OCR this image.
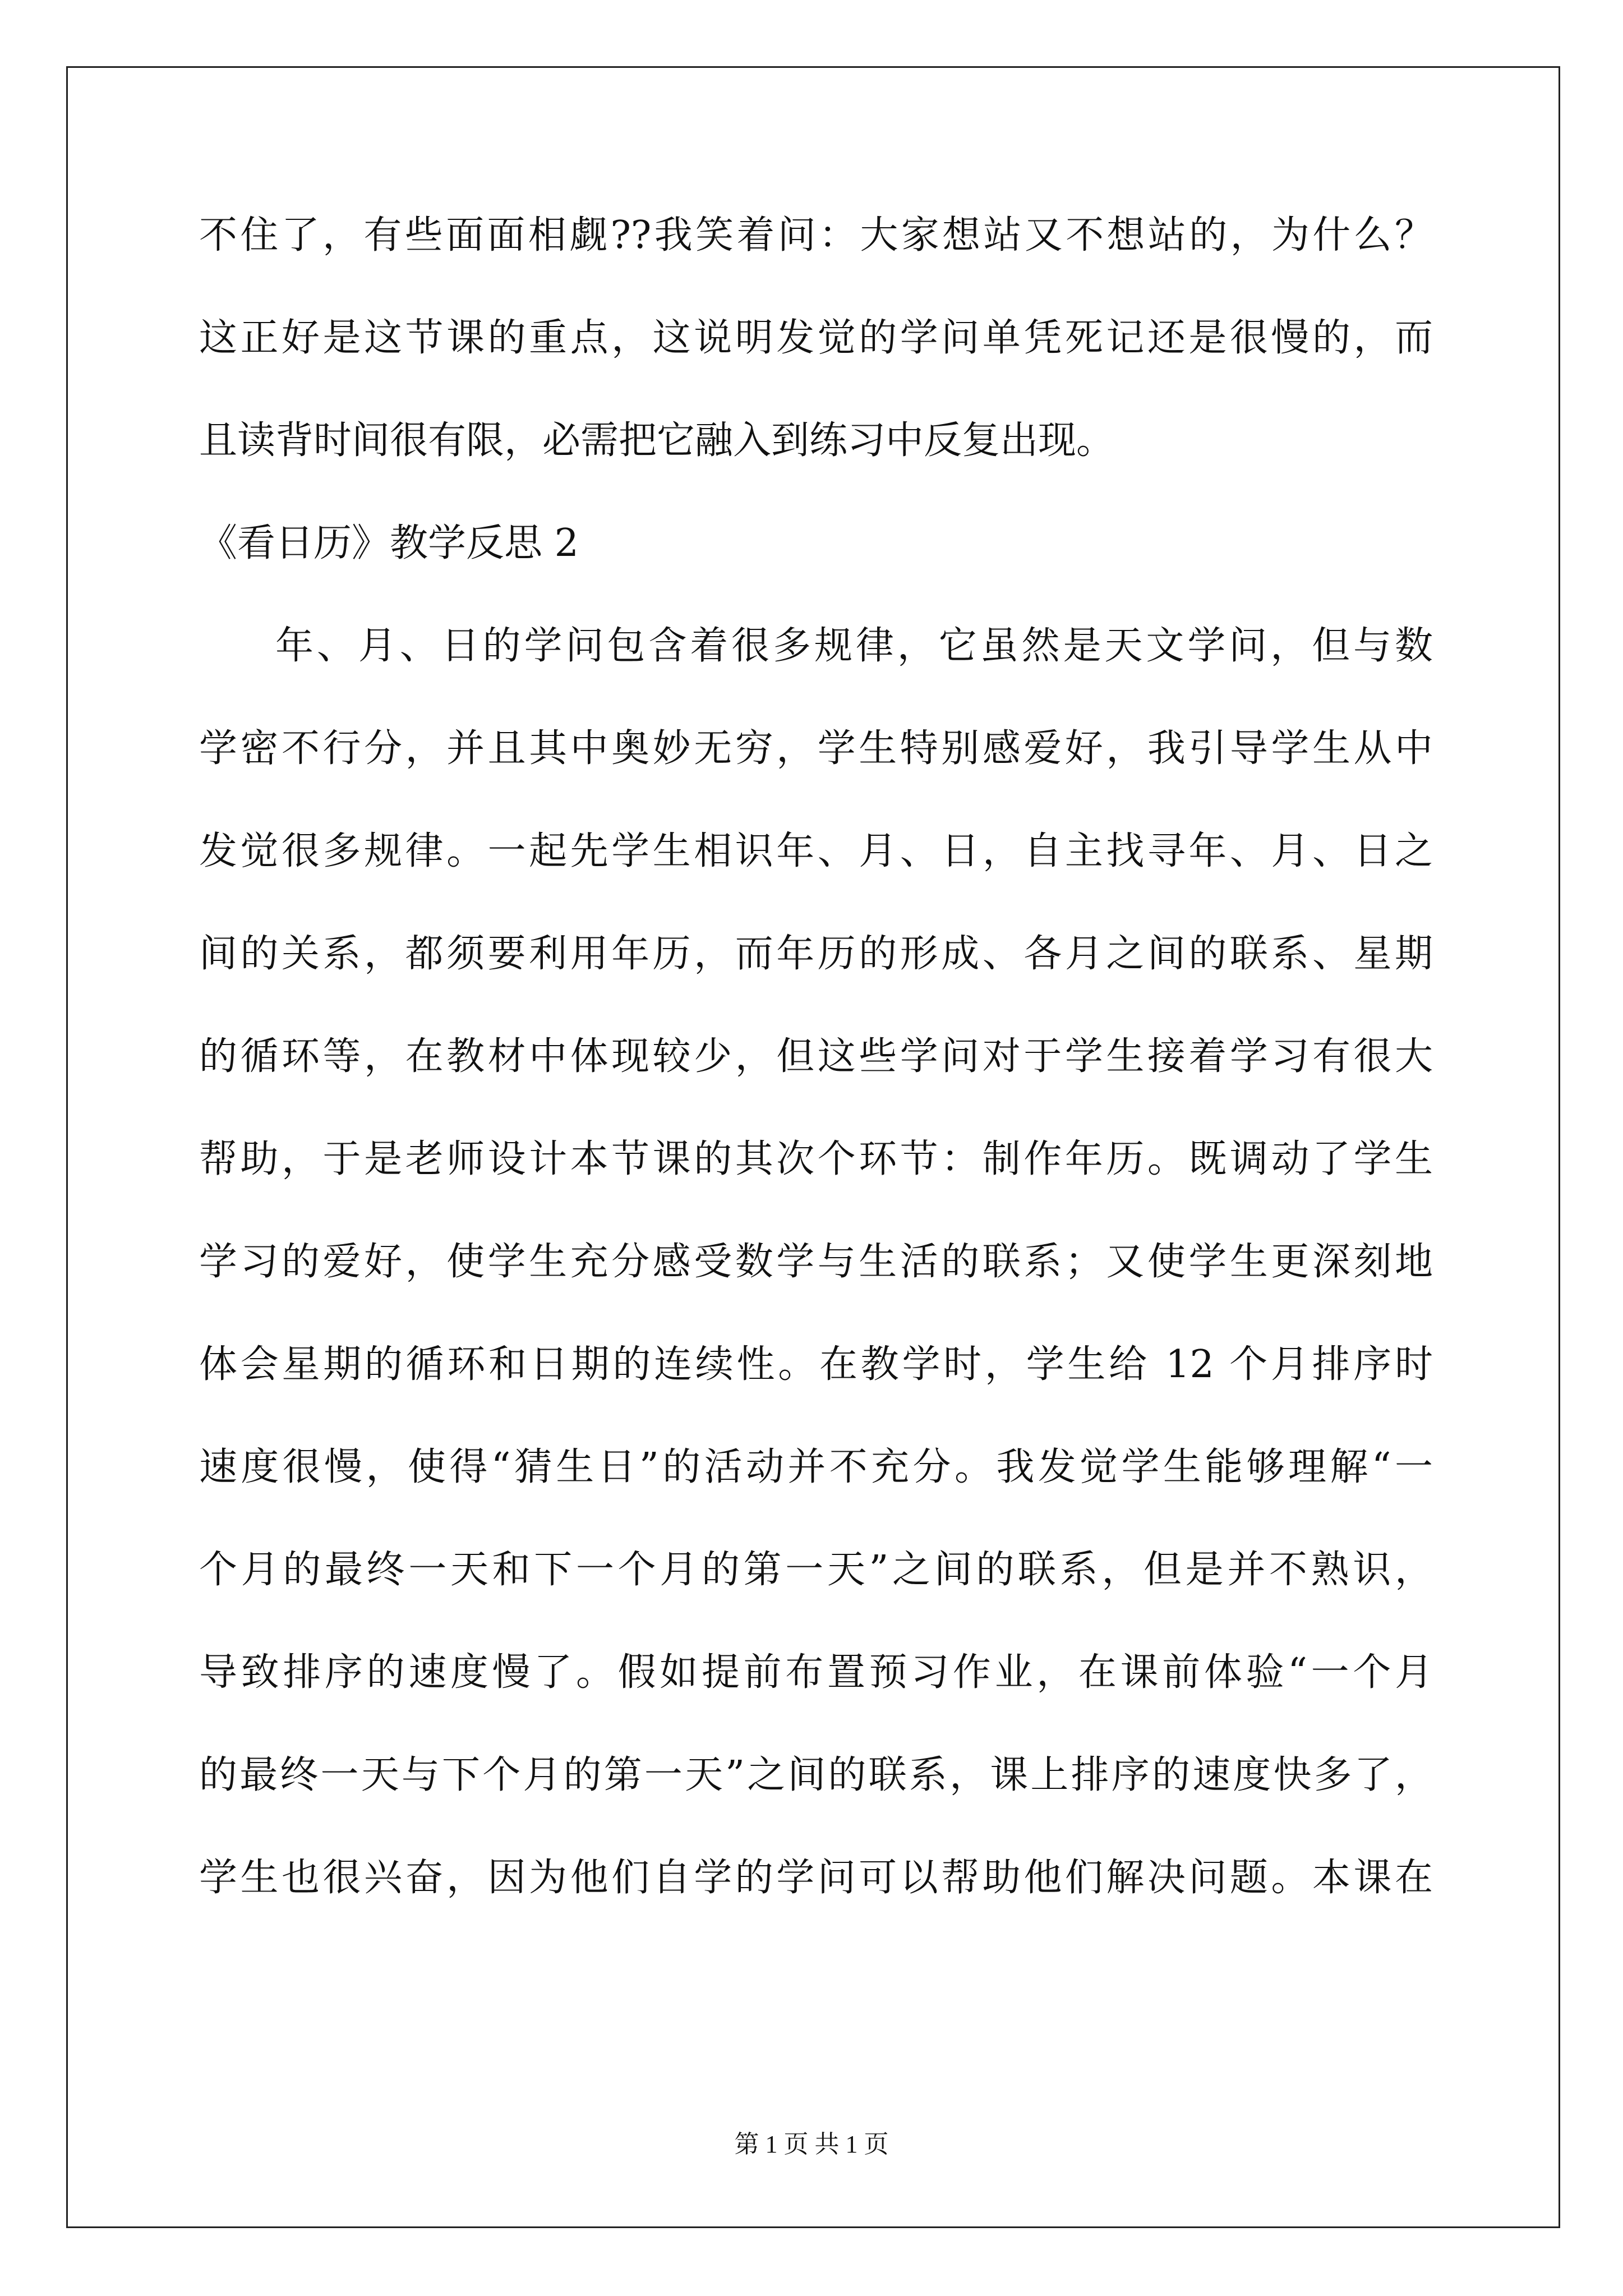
不住了，有些面面相觑??我笑着问：大家想站又不想站的，为什么？
这正好是这节课的重点，这说明发觉的学问单凭死记还是很慢的，而
且读背时间很有限，必需把它融入到练习中反复出现。
《看日历》教学反思 2
年、月、日的学问包含着很多规律，它虽然是天文学问，但与数
学密不行分，并且其中奥妙无穷，学生特别感爱好，我引导学生从中
发觉很多规律。一起先学生相识年、月、日，自主找寻年、月、日之
间的关系，都须要利用年历，而年历的形成、各月之间的联系、星期
的循环等，在教材中体现较少，但这些学问对于学生接着学习有很大
帮助，于是老师设计本节课的其次个环节：制作年历。既调动了学生
学习的爱好，使学生充分感受数学与生活的联系；又使学生更深刻地
体会星期的循环和日期的连续性。在教学时，学生给 12 个月排序时
速度很慢，使得“猜生日”的活动并不充分。我发觉学生能够理解“一
个月的最终一天和下一个月的第一天”之间的联系，但是并不熟识，
导致排序的速度慢了。假如提前布置预习作业，在课前体验“一个月
的最终一天与下个月的第一天”之间的联系，课上排序的速度快多了，
学生也很兴奋，因为他们自学的学问可以帮助他们解决问题。本课在
第 1 页 共 1 页
